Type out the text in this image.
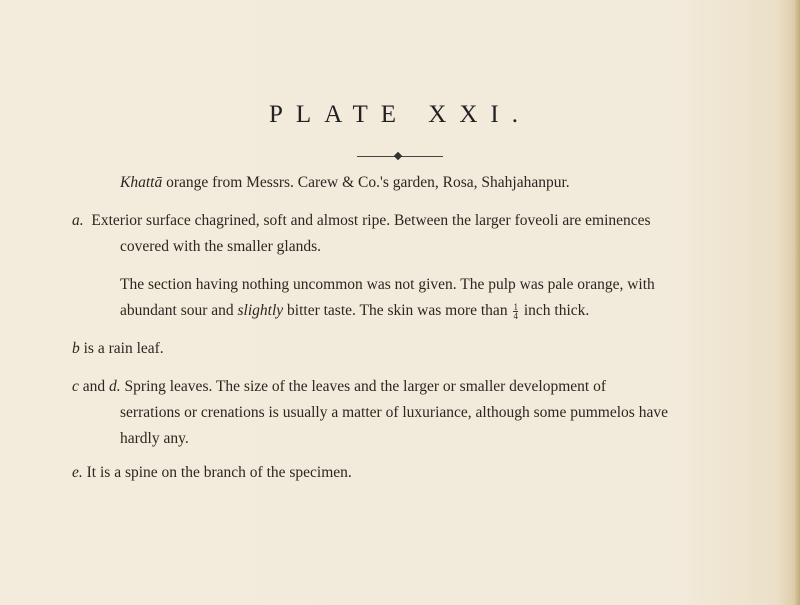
PLATE XXI.
Khattā orange from Messrs. Carew & Co.'s garden, Rosa, Shahjahanpur.
a. Exterior surface chagrined, soft and almost ripe. Between the larger foveoli are eminences
covered with the smaller glands.
The section having nothing uncommon was not given. The pulp was pale orange, with
abundant sour and slightly bitter taste. The skin was more than $\frac{1}{4}$ inch thick.
b is a rain leaf.
c and d. Spring leaves. The size of the leaves and the larger or smaller development of
serrations or crenations is usually a matter of luxuriance, although some pummelos have
hardly any.
e. It is a spine on the branch of the specimen.
